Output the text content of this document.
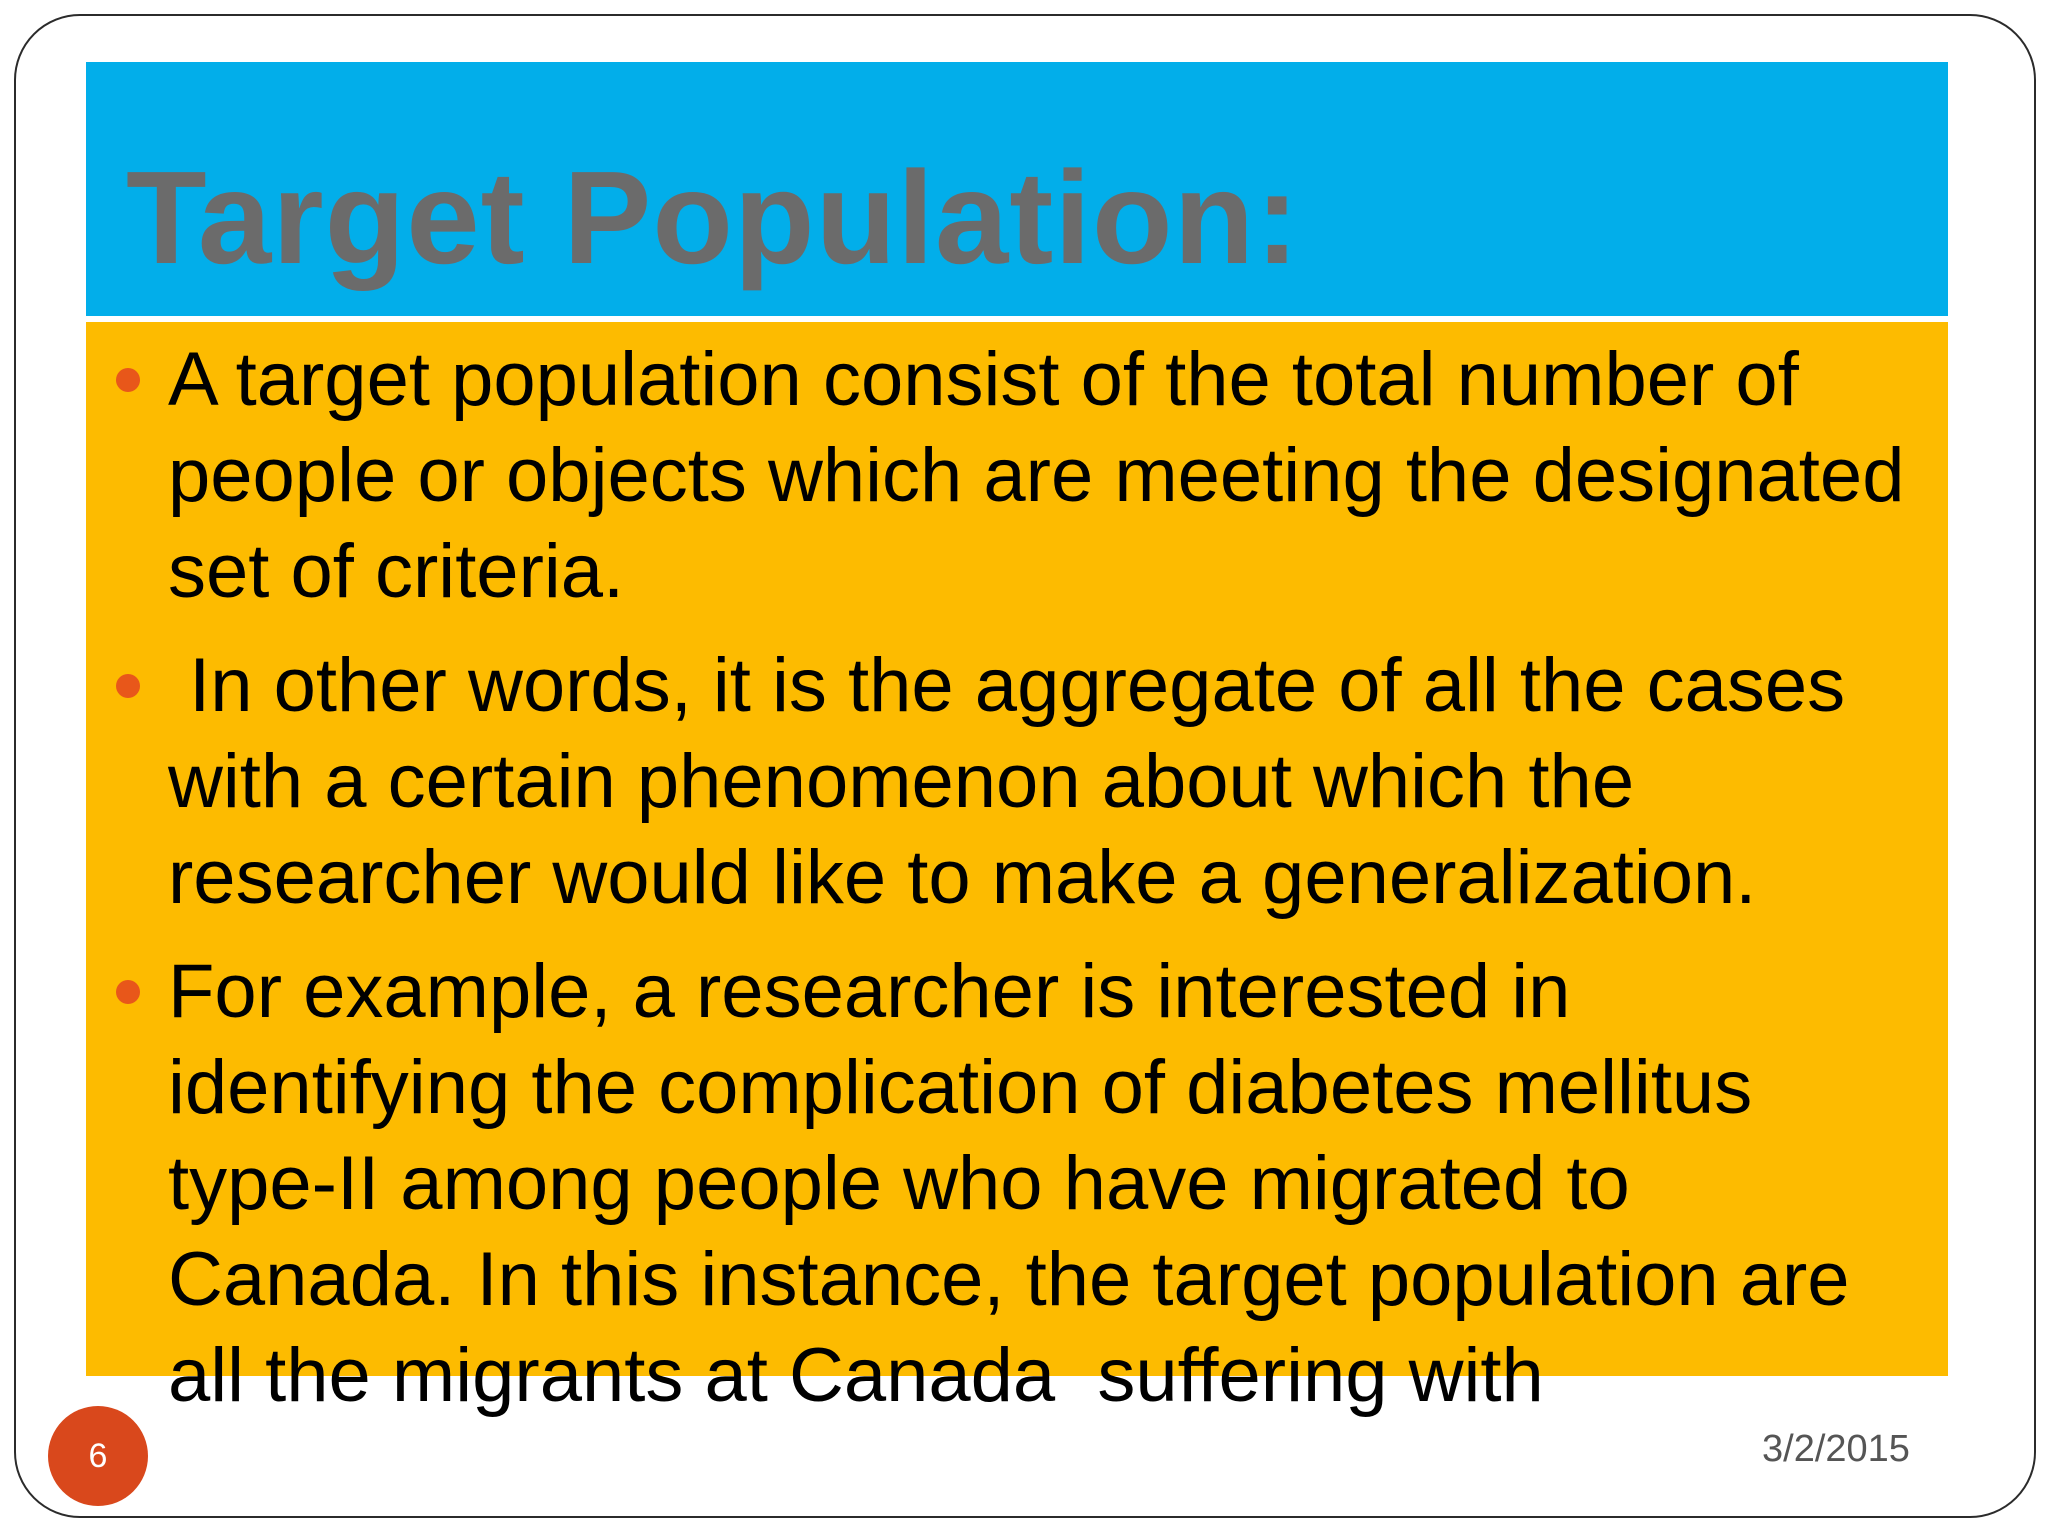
Target Population:
A target population consist of the total number of people or objects which are meeting the designated set of criteria.
In other words, it is the aggregate of all the cases with a certain phenomenon about which the researcher would like to make a generalization.
For example, a researcher is interested in identifying the complication of diabetes mellitus type-II among people who have migrated to Canada. In this instance, the target population are all the migrants at Canada  suffering with
6	3/2/2015
